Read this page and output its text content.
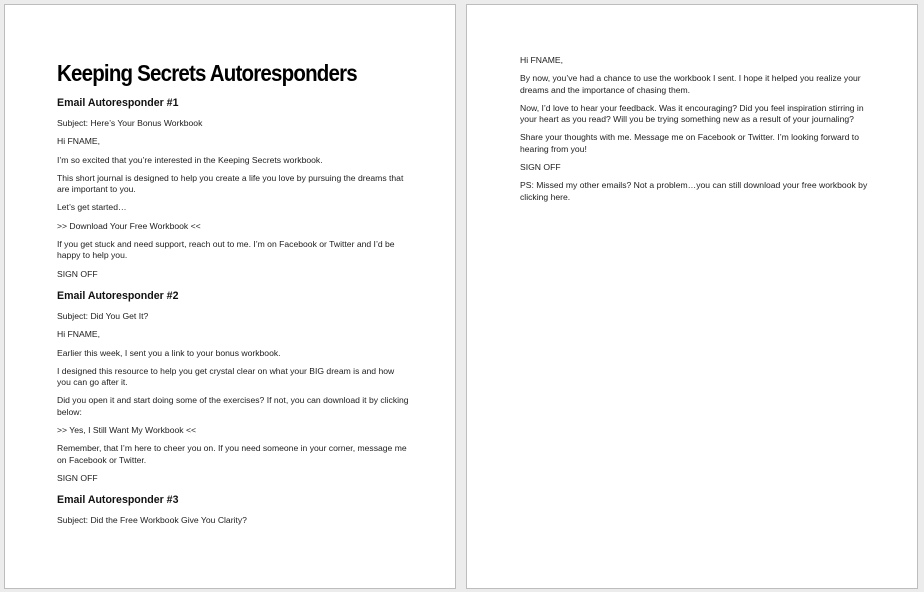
Keeping Secrets Autoresponders
Email Autoresponder #1

Subject: Here’s Your Bonus Workbook

Hi FNAME,

I’m so excited that you’re interested in the Keeping Secrets workbook.

This short journal is designed to help you create a life you love by pursuing the dreams that are important to you.

Let’s get started…

>> Download Your Free Workbook <<

If you get stuck and need support, reach out to me. I’m on Facebook or Twitter and I’d be happy to help you.

SIGN OFF

Email Autoresponder #2

Subject: Did You Get It?

Hi FNAME,

Earlier this week, I sent you a link to your bonus workbook.

I designed this resource to help you get crystal clear on what your BIG dream is and how you can go after it.

Did you open it and start doing some of the exercises? If not, you can download it by clicking below:

>> Yes, I Still Want My Workbook <<

Remember, that I’m here to cheer you on. If you need someone in your corner, message me on Facebook or Twitter.

SIGN OFF

Email Autoresponder #3

Subject: Did the Free Workbook Give You Clarity?

Hi FNAME,

By now, you’ve had a chance to use the workbook I sent. I hope it helped you realize your dreams and the importance of chasing them.

Now, I’d love to hear your feedback. Was it encouraging? Did you feel inspiration stirring in your heart as you read? Will you be trying something new as a result of your journaling?

Share your thoughts with me. Message me on Facebook or Twitter. I’m looking forward to hearing from you!

SIGN OFF

PS: Missed my other emails? Not a problem…you can still download your free workbook by clicking here.
